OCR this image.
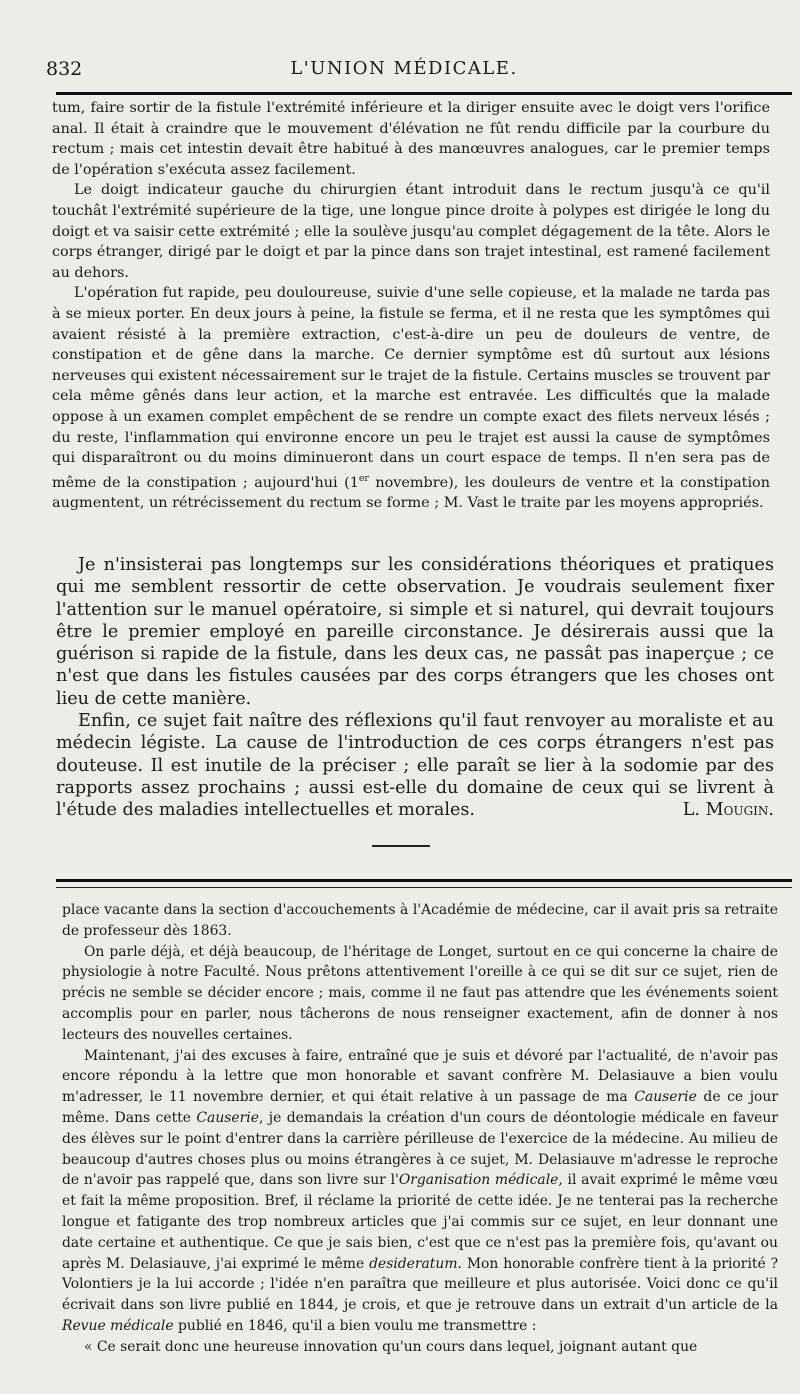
832	L'UNION MÉDICALE.

tum, faire sortir de la fistule l'extrémité inférieure et la diriger ensuite avec le doigt vers l'orifice anal. Il était à craindre que le mouvement d'élévation ne fût rendu difficile par la courbure du rectum ; mais cet intestin devait être habitué à des manœuvres analogues, car le premier temps de l'opération s'exécuta assez facilement.

Le doigt indicateur gauche du chirurgien étant introduit dans le rectum jusqu'à ce qu'il touchât l'extrémité supérieure de la tige, une longue pince droite à polypes est dirigée le long du doigt et va saisir cette extrémité ; elle la soulève jusqu'au complet dégagement de la tête. Alors le corps étranger, dirigé par le doigt et par la pince dans son trajet intestinal, est ramené facilement au dehors.

L'opération fut rapide, peu douloureuse, suivie d'une selle copieuse, et la malade ne tarda pas à se mieux porter. En deux jours à peine, la fistule se ferma, et il ne resta que les symptômes qui avaient résisté à la première extraction, c'est-à-dire un peu de douleurs de ventre, de constipation et de gêne dans la marche. Ce dernier symptôme est dû surtout aux lésions nerveuses qui existent nécessairement sur le trajet de la fistule. Certains muscles se trouvent par cela même gênés dans leur action, et la marche est entravée. Les difficultés que la malade oppose à un examen complet empêchent de se rendre un compte exact des filets nerveux lésés ; du reste, l'inflammation qui environne encore un peu le trajet est aussi la cause de symptômes qui disparaîtront ou du moins diminueront dans un court espace de temps. Il n'en sera pas de même de la constipation ; aujourd'hui (1er novembre), les douleurs de ventre et la constipation augmentent, un rétrécissement du rectum se forme ; M. Vast le traite par les moyens appropriés.

Je n'insisterai pas longtemps sur les considérations théoriques et pratiques qui me semblent ressortir de cette observation. Je voudrais seulement fixer l'attention sur le manuel opératoire, si simple et si naturel, qui devrait toujours être le premier employé en pareille circonstance. Je désirerais aussi que la guérison si rapide de la fistule, dans les deux cas, ne passât pas inaperçue ; ce n'est que dans les fistules causées par des corps étrangers que les choses ont lieu de cette manière.

Enfin, ce sujet fait naître des réflexions qu'il faut renvoyer au moraliste et au médecin légiste. La cause de l'introduction de ces corps étrangers n'est pas douteuse. Il est inutile de la préciser ; elle paraît se lier à la sodomie par des rapports assez prochains ; aussi est-elle du domaine de ceux qui se livrent à l'étude des maladies intellectuelles et morales.	L. Mougin.

place vacante dans la section d'accouchements à l'Académie de médecine, car il avait pris sa retraite de professeur dès 1863.

On parle déjà, et déjà beaucoup, de l'héritage de Longet, surtout en ce qui concerne la chaire de physiologie à notre Faculté. Nous prêtons attentivement l'oreille à ce qui se dit sur ce sujet, rien de précis ne semble se décider encore ; mais, comme il ne faut pas attendre que les événements soient accomplis pour en parler, nous tâcherons de nous renseigner exactement, afin de donner à nos lecteurs des nouvelles certaines.

Maintenant, j'ai des excuses à faire, entraîné que je suis et dévoré par l'actualité, de n'avoir pas encore répondu à la lettre que mon honorable et savant confrère M. Delasiauve a bien voulu m'adresser, le 11 novembre dernier, et qui était relative à un passage de ma Causerie de ce jour même. Dans cette Causerie, je demandais la création d'un cours de déontologie médicale en faveur des élèves sur le point d'entrer dans la carrière périlleuse de l'exercice de la médecine. Au milieu de beaucoup d'autres choses plus ou moins étrangères à ce sujet, M. Delasiauve m'adresse le reproche de n'avoir pas rappelé que, dans son livre sur l'Organisation médicale, il avait exprimé le même vœu et fait la même proposition. Bref, il réclame la priorité de cette idée. Je ne tenterai pas la recherche longue et fatigante des trop nombreux articles que j'ai commis sur ce sujet, en leur donnant une date certaine et authentique. Ce que je sais bien, c'est que ce n'est pas la première fois, qu'avant ou après M. Delasiauve, j'ai exprimé le même desideratum. Mon honorable confrère tient à la priorité ? Volontiers je la lui accorde ; l'idée n'en paraîtra que meilleure et plus autorisée. Voici donc ce qu'il écrivait dans son livre publié en 1844, je crois, et que je retrouve dans un extrait d'un article de la Revue médicale publié en 1846, qu'il a bien voulu me transmettre :

« Ce serait donc une heureuse innovation qu'un cours dans lequel, joignant autant que
